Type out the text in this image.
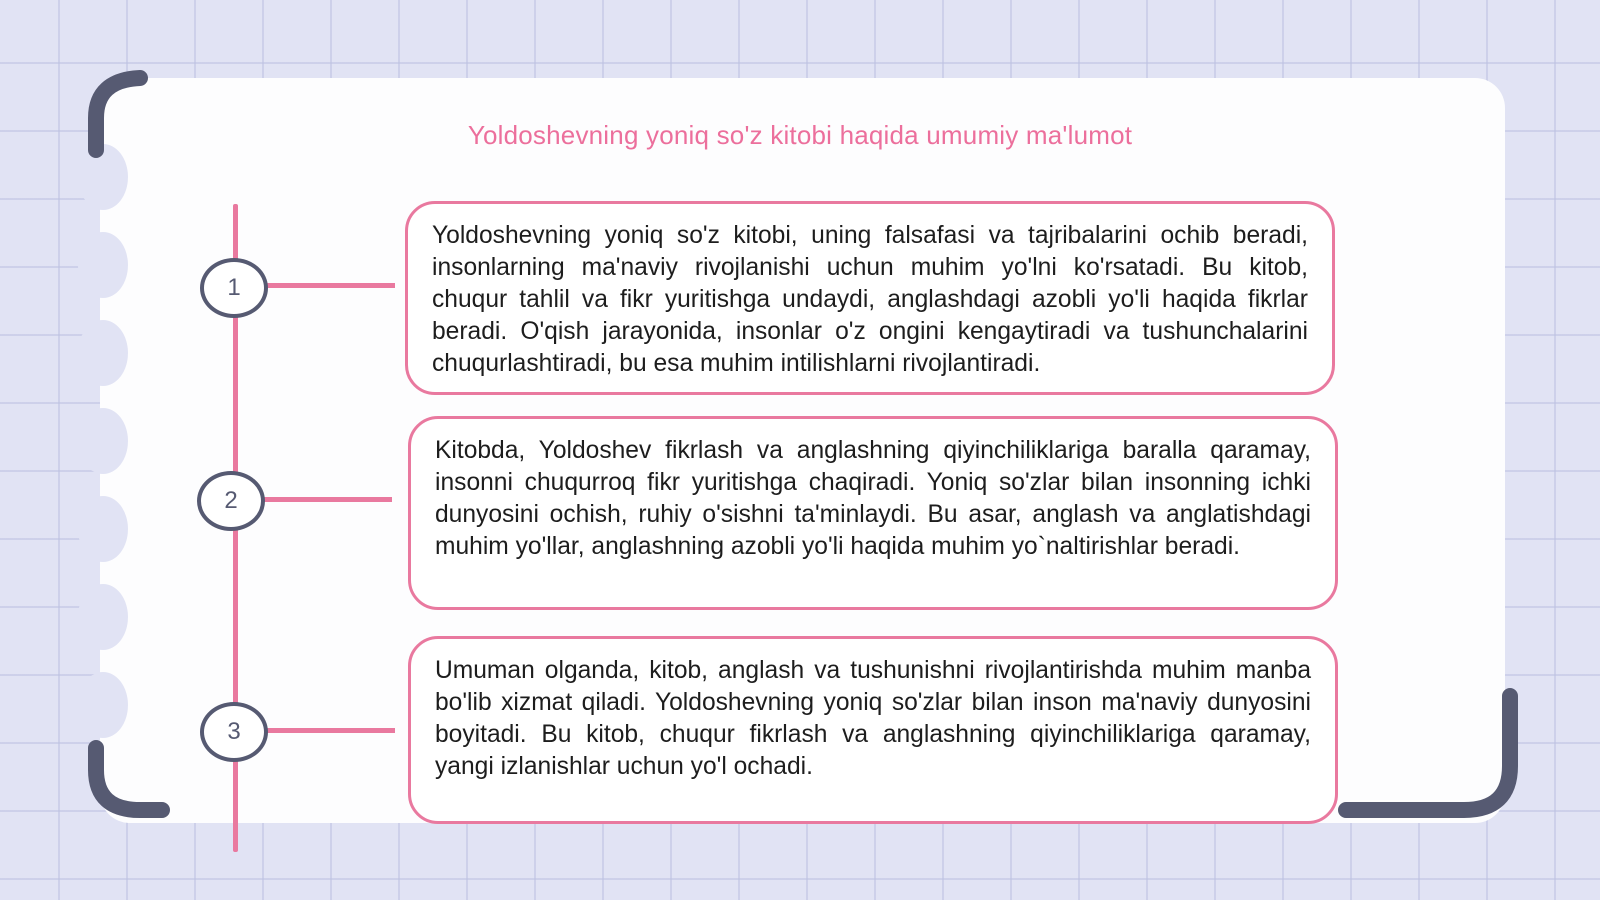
Yoldoshevning yoniq so'z kitobi haqida umumiy ma'lumot
1

Yoldoshevning yoniq so'z kitobi, uning falsafasi va tajribalarini ochib beradi, insonlarning ma'naviy rivojlanishi uchun muhim yo'lni ko'rsatadi. Bu kitob, chuqur tahlil va fikr yuritishga undaydi, anglashdagi azobli yo'li haqida fikrlar beradi. O'qish jarayonida, insonlar o'z ongini kengaytiradi va tushunchalarini chuqurlashtiradi, bu esa muhim intilishlarni rivojlantiradi.

2

Kitobda, Yoldoshev fikrlash va anglashning qiyinchiliklariga baralla qaramay, insonni chuqurroq fikr yuritishga chaqiradi. Yoniq so'zlar bilan insonning ichki dunyosini ochish, ruhiy o'sishni ta'minlaydi. Bu asar, anglash va anglatishdagi muhim yo'llar, anglashning azobli yo'li haqida muhim yo`naltirishlar beradi.

3

Umuman olganda, kitob, anglash va tushunishni rivojlantirishda muhim manba bo'lib xizmat qiladi. Yoldoshevning yoniq so'zlar bilan inson ma'naviy dunyosini boyitadi. Bu kitob, chuqur fikrlash va anglashning qiyinchiliklariga qaramay, yangi izlanishlar uchun yo'l ochadi.
